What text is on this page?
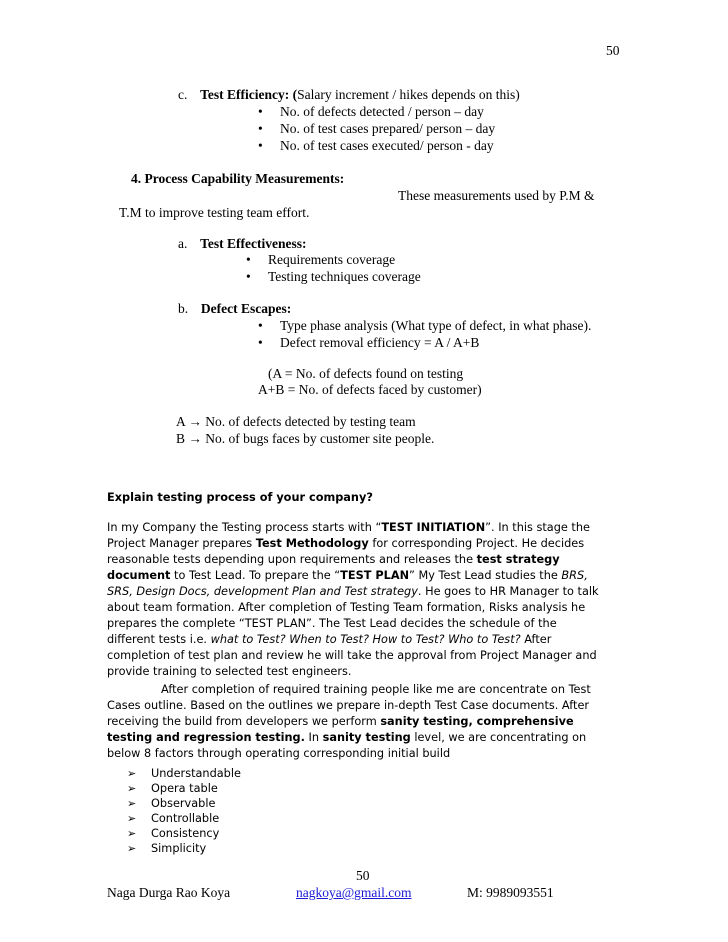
50
c. Test Efficiency: (Salary increment / hikes depends on this)
• No. of defects detected / person – day
• No. of test cases prepared/ person – day
• No. of test cases executed/ person - day
4. Process Capability Measurements:
These measurements used by P.M &
T.M to improve testing team effort.
a. Test Effectiveness:
• Requirements coverage
• Testing techniques coverage
b. Defect Escapes:
• Type phase analysis (What type of defect, in what phase).
• Defect removal efficiency = A / A+B
(A = No. of defects found on testing
A+B = No. of defects faced by customer)
A → No. of defects detected by testing team
B → No. of bugs faces by customer site people.
Explain testing process of your company?
In my Company the Testing process starts with “TEST INITIATION”. In this stage the
Project Manager prepares Test Methodology for corresponding Project. He decides
reasonable tests depending upon requirements and releases the test strategy
document to Test Lead. To prepare the “TEST PLAN” My Test Lead studies the BRS,
SRS, Design Docs, development Plan and Test strategy. He goes to HR Manager to talk
about team formation. After completion of Testing Team formation, Risks analysis he
prepares the complete “TEST PLAN”. The Test Lead decides the schedule of the
different tests i.e. what to Test? When to Test? How to Test? Who to Test? After
completion of test plan and review he will take the approval from Project Manager and
provide training to selected test engineers.
After completion of required training people like me are concentrate on Test
Cases outline. Based on the outlines we prepare in-depth Test Case documents. After
receiving the build from developers we perform sanity testing, comprehensive
testing and regression testing. In sanity testing level, we are concentrating on
below 8 factors through operating corresponding initial build
➢ Understandable
➢ Opera table
➢ Observable
➢ Controllable
➢ Consistency
➢ Simplicity
50
Naga Durga Rao Koya	nagkoya@gmail.com	M: 9989093551
